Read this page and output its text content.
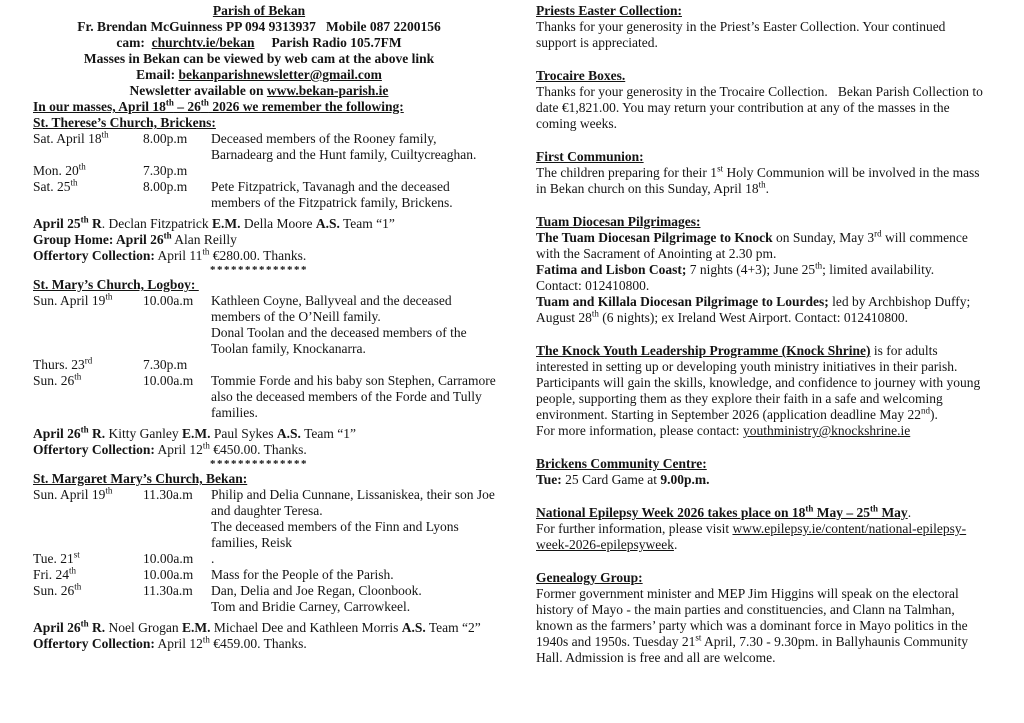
Parish of Bekan
Fr. Brendan McGuinness PP 094 9313937   Mobile 087 2200156
cam:  churchtv.ie/bekan     Parish Radio 105.7FM
Masses in Bekan can be viewed by web cam at the above link
Email: bekanparishnewsletter@gmail.com
Newsletter available on www.bekan-parish.ie
In our masses, April 18th – 26th 2026 we remember the following:
St. Therese’s Church, Brickens:
Sat. April 18th	8.00p.m	Deceased members of the Rooney family,
Barnadearg and the Hunt family, Cuiltycreaghan.
Mon. 20th	7.30p.m
Sat. 25th	8.00p.m	Pete Fitzpatrick, Tavanagh and the deceased
members of the Fitzpatrick family, Brickens.
April 25th R. Declan Fitzpatrick E.M. Della Moore A.S. Team “1”
Group Home: April 26th Alan Reilly
Offertory Collection: April 11th €280.00. Thanks.
**************
St. Mary’s Church, Logboy:
Sun. April 19th	10.00a.m	Kathleen Coyne, Ballyveal and the deceased
members of the O’Neill family.
Donal Toolan and the deceased members of the
Toolan family, Knockanarra.
Thurs. 23rd	7.30p.m
Sun. 26th	10.00a.m	Tommie Forde and his baby son Stephen, Carramore
also the deceased members of the Forde and Tully
families.
April 26th R. Kitty Ganley E.M. Paul Sykes A.S. Team “1”
Offertory Collection: April 12th €450.00. Thanks.
**************
St. Margaret Mary’s Church, Bekan:
Sun. April 19th	11.30a.m	Philip and Delia Cunnane, Lissaniskea, their son Joe
and daughter Teresa.
The deceased members of the Finn and Lyons
families, Reisk
Tue. 21st	10.00a.m	.
Fri. 24th	10.00a.m	Mass for the People of the Parish.
Sun. 26th	11.30a.m	Dan, Delia and Joe Regan, Cloonbook.
Tom and Bridie Carney, Carrowkeel.
April 26th R. Noel Grogan E.M. Michael Dee and Kathleen Morris A.S. Team “2”
Offertory Collection: April 12th €459.00. Thanks.
Priests Easter Collection:
Thanks for your generosity in the Priest’s Easter Collection. Your continued
support is appreciated.
Trocaire Boxes.
Thanks for your generosity in the Trocaire Collection.   Bekan Parish Collection to
date €1,821.00. You may return your contribution at any of the masses in the
coming weeks.
First Communion:
The children preparing for their 1st Holy Communion will be involved in the mass
in Bekan church on this Sunday, April 18th.
Tuam Diocesan Pilgrimages:
The Tuam Diocesan Pilgrimage to Knock on Sunday, May 3rd will commence
with the Sacrament of Anointing at 2.30 pm.
Fatima and Lisbon Coast; 7 nights (4+3); June 25th; limited availability.
Contact: 012410800.
Tuam and Killala Diocesan Pilgrimage to Lourdes; led by Archbishop Duffy;
August 28th (6 nights); ex Ireland West Airport. Contact: 012410800.
The Knock Youth Leadership Programme (Knock Shrine) is for adults
interested in setting up or developing youth ministry initiatives in their parish.
Participants will gain the skills, knowledge, and confidence to journey with young
people, supporting them as they explore their faith in a safe and welcoming
environment. Starting in September 2026 (application deadline May 22nd).
For more information, please contact: youthministry@knockshrine.ie
Brickens Community Centre:
Tue: 25 Card Game at 9.00p.m.
National Epilepsy Week 2026 takes place on 18th May – 25th May.
For further information, please visit www.epilepsy.ie/content/national-epilepsy-
week-2026-epilepsyweek.
Genealogy Group:
Former government minister and MEP Jim Higgins will speak on the electoral
history of Mayo - the main parties and constituencies, and Clann na Talmhan,
known as the farmers’ party which was a dominant force in Mayo politics in the
1940s and 1950s. Tuesday 21st April, 7.30 - 9.30pm. in Ballyhaunis Community
Hall. Admission is free and all are welcome.
